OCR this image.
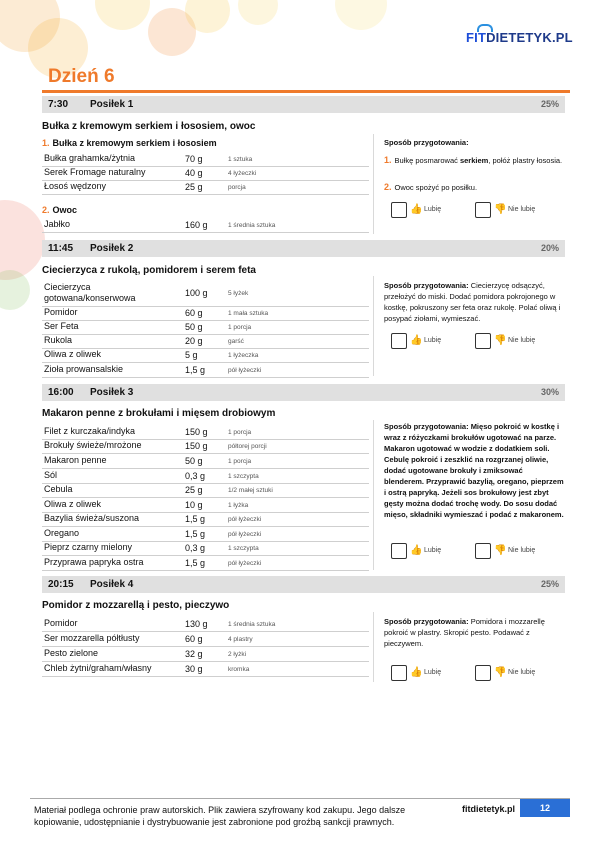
FITDIETETYK.PL
Dzień 6
7:30 Posiłek 1	25%
Bułka z kremowym serkiem i łososiem, owoc
1. Bułka z kremowym serkiem i łososiem
Bułka grahamka/żytnia	70 g	1 sztuka
Serek Fromage naturalny	40 g	4 łyżeczki
Łosoś wędzony	25 g	porcja
2. Owoc
Jabłko	160 g	1 średnia sztuka
Sposób przygotowania:
1. Bułkę posmarować serkiem, połóż plastry łososia.
2. Owoc spożyć po posiłku.
👍 Lubię	👎 Nie lubię
11:45 Posiłek 2	20%
Ciecierzyca z rukolą, pomidorem i serem feta
Ciecierzyca gotowana/konserwowa	100 g	5 łyżek
Pomidor	60 g	1 mała sztuka
Ser Feta	50 g	1 porcja
Rukola	20 g	garść
Oliwa z oliwek	5 g	1 łyżeczka
Zioła prowansalskie	1,5 g	pół łyżeczki
Sposób przygotowania: Ciecierzycę odsączyć, przełożyć do miski. Dodać pomidora pokrojonego w kostkę, pokruszony ser feta oraz rukolę. Polać oliwą i posypać ziołami, wymieszać.
👍 Lubię	👎 Nie lubię
16:00 Posiłek 3	30%
Makaron penne z brokułami i mięsem drobiowym
Filet z kurczaka/indyka	150 g	1 porcja
Brokuły świeże/mrożone	150 g	półtorej porcji
Makaron penne	50 g	1 porcja
Sól	0,3 g	1 szczypta
Cebula	25 g	1/2 małej sztuki
Oliwa z oliwek	10 g	1 łyżka
Bazylia świeża/suszona	1,5 g	pół łyżeczki
Oregano	1,5 g	pół łyżeczki
Pieprz czarny mielony	0,3 g	1 szczypta
Przyprawa papryka ostra	1,5 g	pół łyżeczki
Sposób przygotowania: Mięso pokroić w kostkę i wraz z różyczkami brokułów ugotować na parze. Makaron ugotować w wodzie z dodatkiem soli. Cebulę pokroić i zeszklić na rozgrzanej oliwie, dodać ugotowane brokuły i zmiksować blenderem. Przyprawić bazylią, oregano, pieprzem i ostrą papryką. Jeżeli sos brokułowy jest zbyt gęsty można dodać trochę wody. Do sosu dodać mięso, składniki wymieszać i podać z makaronem.
👍 Lubię	👎 Nie lubię
20:15 Posiłek 4	25%
Pomidor z mozzarellą i pesto, pieczywo
Pomidor	130 g	1 średnia sztuka
Ser mozzarella półtłusty	60 g	4 plastry
Pesto zielone	32 g	2 łyżki
Chleb żytni/graham/własny	30 g	kromka
Sposób przygotowania: Pomidora i mozzarellę pokroić w plastry. Skropić pesto. Podawać z pieczywem.
👍 Lubię	👎 Nie lubię
Materiał podlega ochronie praw autorskich. Plik zawiera szyfrowany kod zakupu. Jego dalsze kopiowanie, udostępnianie i dystrybuowanie jest zabronione pod groźbą sankcji prawnych.
fitdietetyk.pl	12
